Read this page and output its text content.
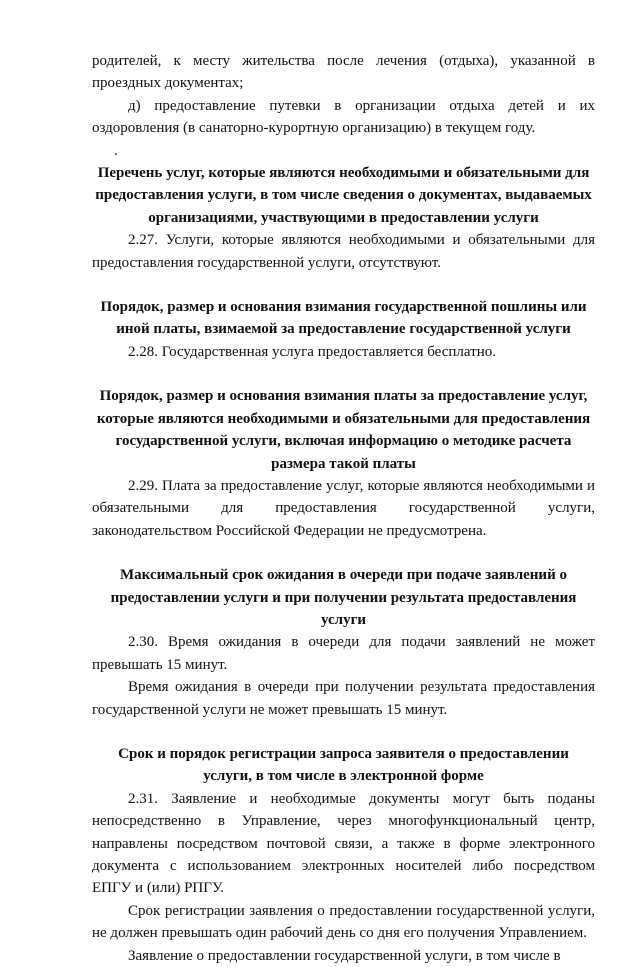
родителей, к месту жительства после лечения (отдыха), указанной в проездных документах;

д) предоставление путевки в организации отдыха детей и их оздоровления (в санаторно-курортную организацию) в текущем году.

.

Перечень услуг, которые являются необходимыми и обязательными для предоставления услуги, в том числе сведения о документах, выдаваемых организациями, участвующими в предоставлении услуги

2.27. Услуги, которые являются необходимыми и обязательными для предоставления государственной услуги, отсутствуют.

Порядок, размер и основания взимания государственной пошлины или иной платы, взимаемой за предоставление государственной услуги

2.28. Государственная услуга предоставляется бесплатно.

Порядок, размер и основания взимания платы за предоставление услуг, которые являются необходимыми и обязательными для предоставления государственной услуги, включая информацию о методике расчета размера такой платы

2.29. Плата за предоставление услуг, которые являются необходимыми и обязательными для предоставления государственной услуги, законодательством Российской Федерации не предусмотрена.

Максимальный срок ожидания в очереди при подаче заявлений о предоставлении услуги и при получении результата предоставления услуги

2.30. Время ожидания в очереди для подачи заявлений не может превышать 15 минут.

Время ожидания в очереди при получении результата предоставления государственной услуги не может превышать 15 минут.

Срок и порядок регистрации запроса заявителя о предоставлении услуги, в том числе в электронной форме

2.31. Заявление и необходимые документы могут быть поданы непосредственно в Управление, через многофункциональный центр, направлены посредством почтовой связи, а также в форме электронного документа с использованием электронных носителей либо посредством ЕПГУ и (или) РПГУ.

Срок регистрации заявления о предоставлении государственной услуги, не должен превышать один рабочий день со дня его получения Управлением.

Заявление о предоставлении государственной услуги, в том числе в
